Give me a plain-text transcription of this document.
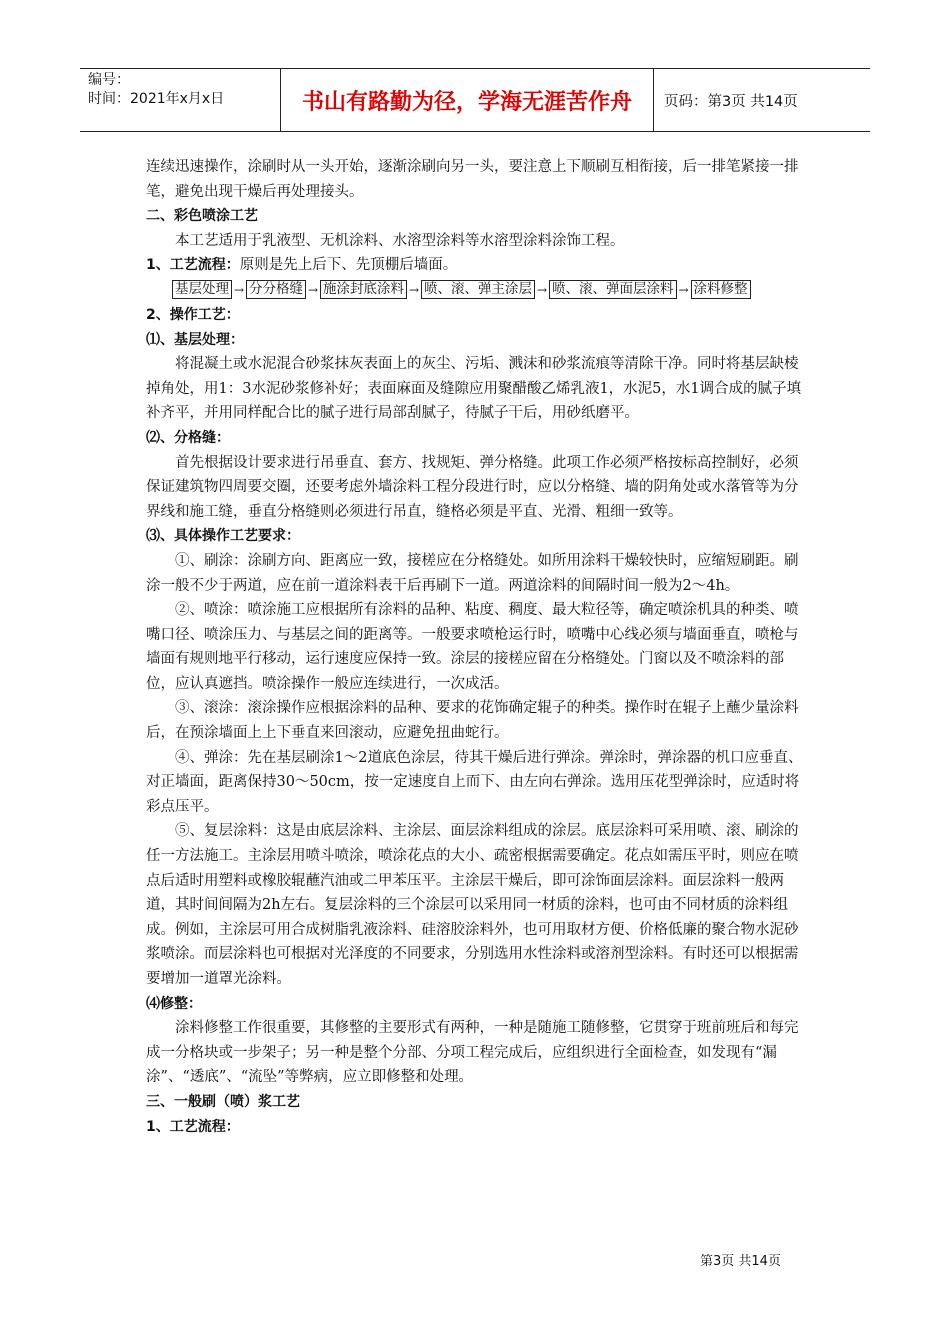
编号：
时间：2021年x月x日	书山有路勤为径，学海无涯苦作舟	页码：第3页 共14页

连续迅速操作，涂刷时从一头开始，逐渐涂刷向另一头，要注意上下顺刷互相衔接，后一排笔紧接一排笔，避免出现干燥后再处理接头。

二、彩色喷涂工艺

本工艺适用于乳液型、无机涂料、水溶型涂料等水溶型涂料涂饰工程。

1、工艺流程：原则是先上后下、先顶棚后墙面。

基层处理 → 分分格缝 → 施涂封底涂料 → 喷、滚、弹主涂层 → 喷、滚、弹面层涂料 → 涂料修整

2、操作工艺：

⑴、基层处理：

将混凝土或水泥混合砂浆抹灰表面上的灰尘、污垢、溅沫和砂浆流痕等清除干净。同时将基层缺棱掉角处，用1：3水泥砂浆修补好；表面麻面及缝隙应用聚醋酸乙烯乳液1，水泥5，水1调合成的腻子填补齐平，并用同样配合比的腻子进行局部刮腻子，待腻子干后，用砂纸磨平。

⑵、分格缝：

首先根据设计要求进行吊垂直、套方、找规矩、弹分格缝。此项工作必须严格按标高控制好，必须保证建筑物四周要交圈，还要考虑外墙涂料工程分段进行时，应以分格缝、墙的阴角处或水落管等为分界线和施工缝，垂直分格缝则必须进行吊直，缝格必须是平直、光滑、粗细一致等。

⑶、具体操作工艺要求：

①、刷涂：涂刷方向、距离应一致，接槎应在分格缝处。如所用涂料干燥较快时，应缩短刷距。刷涂一般不少于两道，应在前一道涂料表干后再刷下一道。两道涂料的间隔时间一般为2～4h。

②、喷涂：喷涂施工应根据所有涂料的品种、粘度、稠度、最大粒径等，确定喷涂机具的种类、喷嘴口径、喷涂压力、与基层之间的距离等。一般要求喷枪运行时，喷嘴中心线必须与墙面垂直，喷枪与墙面有规则地平行移动，运行速度应保持一致。涂层的接槎应留在分格缝处。门窗以及不喷涂料的部位，应认真遮挡。喷涂操作一般应连续进行，一次成活。

③、滚涂：滚涂操作应根据涂料的品种、要求的花饰确定辊子的种类。操作时在辊子上蘸少量涂料后，在预涂墙面上上下垂直来回滚动，应避免扭曲蛇行。

④、弹涂：先在基层刷涂1～2道底色涂层，待其干燥后进行弹涂。弹涂时，弹涂器的机口应垂直、对正墙面，距离保持30～50cm，按一定速度自上而下、由左向右弹涂。选用压花型弹涂时，应适时将彩点压平。

⑤、复层涂料：这是由底层涂料、主涂层、面层涂料组成的涂层。底层涂料可采用喷、滚、刷涂的任一方法施工。主涂层用喷斗喷涂，喷涂花点的大小、疏密根据需要确定。花点如需压平时，则应在喷点后适时用塑料或橡胶辊蘸汽油或二甲苯压平。主涂层干燥后，即可涂饰面层涂料。面层涂料一般两道，其时间间隔为2h左右。复层涂料的三个涂层可以采用同一材质的涂料，也可由不同材质的涂料组成。例如，主涂层可用合成树脂乳液涂料、硅溶胶涂料外，也可用取材方便、价格低廉的聚合物水泥砂浆喷涂。而层涂料也可根据对光泽度的不同要求，分别选用水性涂料或溶剂型涂料。有时还可以根据需要增加一道罩光涂料。

⑷修整：

涂料修整工作很重要，其修整的主要形式有两种，一种是随施工随修整，它贯穿于班前班后和每完成一分格块或一步架子；另一种是整个分部、分项工程完成后，应组织进行全面检查，如发现有“漏涂”、“透底”、“流坠”等弊病，应立即修整和处理。

三、一般刷（喷）浆工艺

1、工艺流程：

第3页 共14页
